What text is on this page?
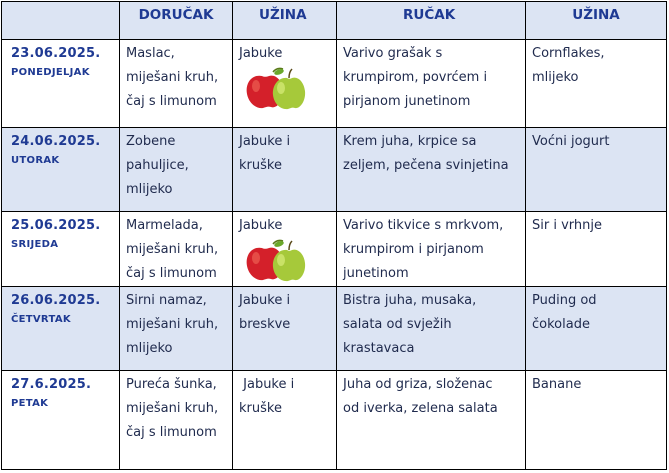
	DORUČAK	UŽINA	RUČAK	UŽINA

23.06.2025.
PONEDJELJAK	Maslac,
miješani kruh,
čaj s limunom	Jabuke	Varivo grašak s
krumpirom, povrćem i
pirjanom junetinom	Cornflakes,
mlijeko

24.06.2025.
UTORAK	Zobene
pahuljice,
mlijeko	Jabuke i
kruške	Krem juha, krpice sa
zeljem, pečena svinjetina	Voćni jogurt

25.06.2025.
SRIJEDA	Marmelada,
miješani kruh,
čaj s limunom	Jabuke	Varivo tikvice s mrkvom,
krumpirom i pirjanom
junetinom	Sir i vrhnje

26.06.2025.
ČETVRTAK	Sirni namaz,
miješani kruh,
mlijeko	Jabuke i
breskve	Bistra juha, musaka,
salata od svježih
krastavaca	Puding od
čokolade

27.6.2025.
PETAK	Pureća šunka,
miješani kruh,
čaj s limunom	Jabuke i
kruške	Juha od griza, složenac
od iverka, zelena salata	Banane
